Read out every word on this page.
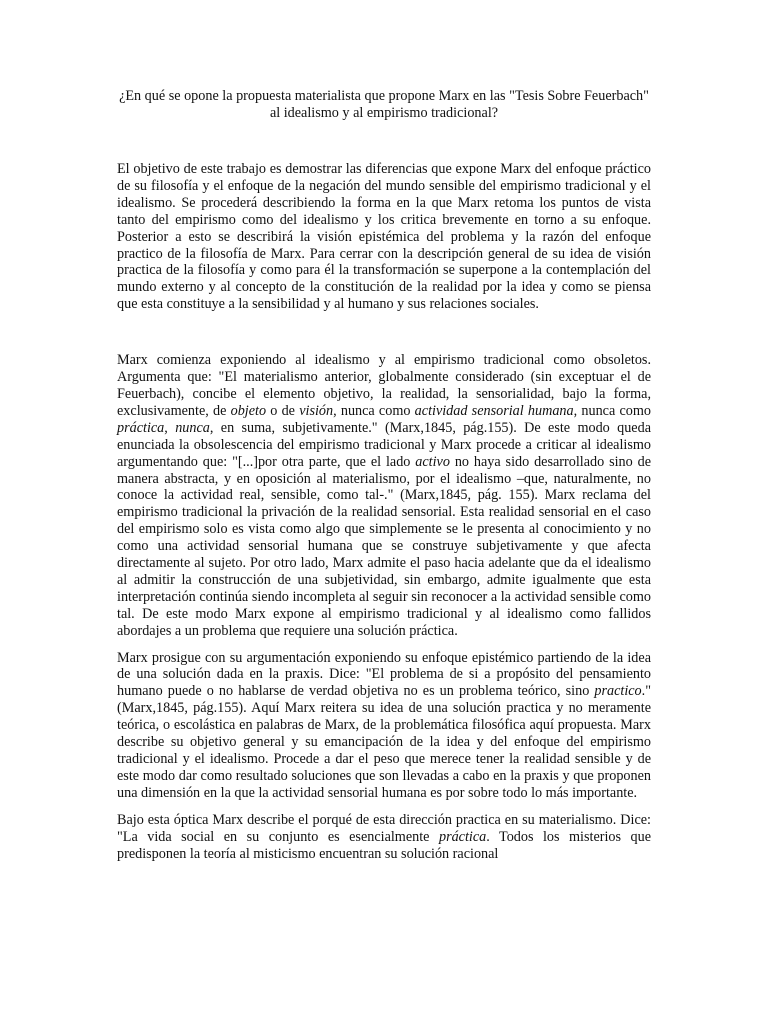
¿En qué se opone la propuesta materialista que propone Marx en las "Tesis Sobre Feuerbach" al idealismo y al empirismo tradicional?

El objetivo de este trabajo es demostrar las diferencias que expone Marx del enfoque práctico de su filosofía y el enfoque de la negación del mundo sensible del empirismo tradicional y el idealismo. Se procederá describiendo la forma en la que Marx retoma los puntos de vista tanto del empirismo como del idealismo y los critica brevemente en torno a su enfoque. Posterior a esto se describirá la visión epistémica del problema y la razón del enfoque practico de la filosofía de Marx. Para cerrar con la descripción general de su idea de visión practica de la filosofía y como para él la transformación se superpone a la contemplación del mundo externo y al concepto de la constitución de la realidad por la idea y como se piensa que esta constituye a la sensibilidad y al humano y sus relaciones sociales.

Marx comienza exponiendo al idealismo y al empirismo tradicional como obsoletos. Argumenta que: "El materialismo anterior, globalmente considerado (sin exceptuar el de Feuerbach), concibe el elemento objetivo, la realidad, la sensorialidad, bajo la forma, exclusivamente, de objeto o de visión, nunca como actividad sensorial humana, nunca como práctica, nunca, en suma, subjetivamente." (Marx,1845, pág.155). De este modo queda enunciada la obsolescencia del empirismo tradicional y Marx procede a criticar al idealismo argumentando que: "[...]por otra parte, que el lado activo no haya sido desarrollado sino de manera abstracta, y en oposición al materialismo, por el idealismo –que, naturalmente, no conoce la actividad real, sensible, como tal-." (Marx,1845, pág. 155). Marx reclama del empirismo tradicional la privación de la realidad sensorial. Esta realidad sensorial en el caso del empirismo solo es vista como algo que simplemente se le presenta al conocimiento y no como una actividad sensorial humana que se construye subjetivamente y que afecta directamente al sujeto. Por otro lado, Marx admite el paso hacia adelante que da el idealismo al admitir la construcción de una subjetividad, sin embargo, admite igualmente que esta interpretación continúa siendo incompleta al seguir sin reconocer a la actividad sensible como tal. De este modo Marx expone al empirismo tradicional y al idealismo como fallidos abordajes a un problema que requiere una solución práctica.

Marx prosigue con su argumentación exponiendo su enfoque epistémico partiendo de la idea de una solución dada en la praxis. Dice: "El problema de si a propósito del pensamiento humano puede o no hablarse de verdad objetiva no es un problema teórico, sino practico." (Marx,1845, pág.155). Aquí Marx reitera su idea de una solución practica y no meramente teórica, o escolástica en palabras de Marx, de la problemática filosófica aquí propuesta. Marx describe su objetivo general y su emancipación de la idea y del enfoque del empirismo tradicional y el idealismo. Procede a dar el peso que merece tener la realidad sensible y de este modo dar como resultado soluciones que son llevadas a cabo en la praxis y que proponen una dimensión en la que la actividad sensorial humana es por sobre todo lo más importante.

Bajo esta óptica Marx describe el porqué de esta dirección practica en su materialismo. Dice: "La vida social en su conjunto es esencialmente práctica. Todos los misterios que predisponen la teoría al misticismo encuentran su solución racional
